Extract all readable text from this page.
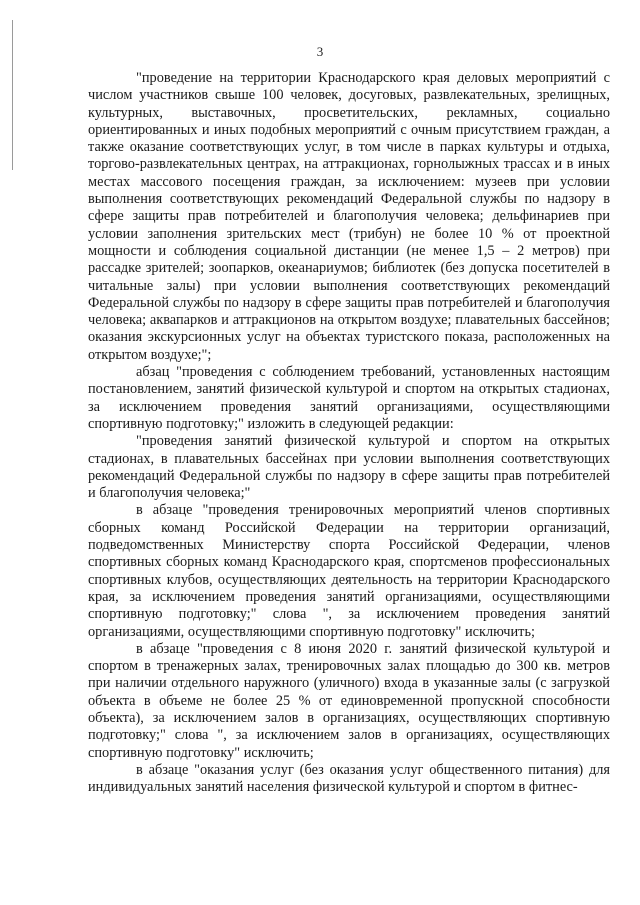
3

"проведение на территории Краснодарского края деловых мероприятий с числом участников свыше 100 человек, досуговых, развлекательных, зрелищных, культурных, выставочных, просветительских, рекламных, социально ориентированных и иных подобных мероприятий с очным присутствием граждан, а также оказание соответствующих услуг, в том числе в парках культуры и отдыха, торгово-развлекательных центрах, на аттракционах, горнолыжных трассах и в иных местах массового посещения граждан, за исключением: музеев при условии выполнения соответствующих рекомендаций Федеральной службы по надзору в сфере защиты прав потребителей и благополучия человека; дельфинариев при условии заполнения зрительских мест (трибун) не более 10 % от проектной мощности и соблюдения социальной дистанции (не менее 1,5 – 2 метров) при рассадке зрителей; зоопарков, океанариумов; библиотек (без допуска посетителей в читальные залы) при условии выполнения соответствующих рекомендаций Федеральной службы по надзору в сфере защиты прав потребителей и благополучия человека; аквапарков и аттракционов на открытом воздухе; плавательных бассейнов; оказания экскурсионных услуг на объектах туристского показа, расположенных на открытом воздухе;";

абзац "проведения с соблюдением требований, установленных настоящим постановлением, занятий физической культурой и спортом на открытых стадионах, за исключением проведения занятий организациями, осуществляющими спортивную подготовку;" изложить в следующей редакции:

"проведения занятий физической культурой и спортом на открытых стадионах, в плавательных бассейнах при условии выполнения соответствующих рекомендаций Федеральной службы по надзору в сфере защиты прав потребителей и благополучия человека;"

в абзаце "проведения тренировочных мероприятий членов спортивных сборных команд Российской Федерации на территории организаций, подведомственных Министерству спорта Российской Федерации, членов спортивных сборных команд Краснодарского края, спортсменов профессиональных спортивных клубов, осуществляющих деятельность на территории Краснодарского края, за исключением проведения занятий организациями, осуществляющими спортивную подготовку;" слова ", за исключением проведения занятий организациями, осуществляющими спортивную подготовку" исключить;

в абзаце "проведения с 8 июня 2020 г. занятий физической культурой и спортом в тренажерных залах, тренировочных залах площадью до 300 кв. метров при наличии отдельного наружного (уличного) входа в указанные залы (с загрузкой объекта в объеме не более 25 % от единовременной пропускной способности объекта), за исключением залов в организациях, осуществляющих спортивную подготовку;" слова ", за исключением залов в организациях, осуществляющих спортивную подготовку" исключить;

в абзаце "оказания услуг (без оказания услуг общественного питания) для индивидуальных занятий населения физической культурой и спортом в фитнес-
